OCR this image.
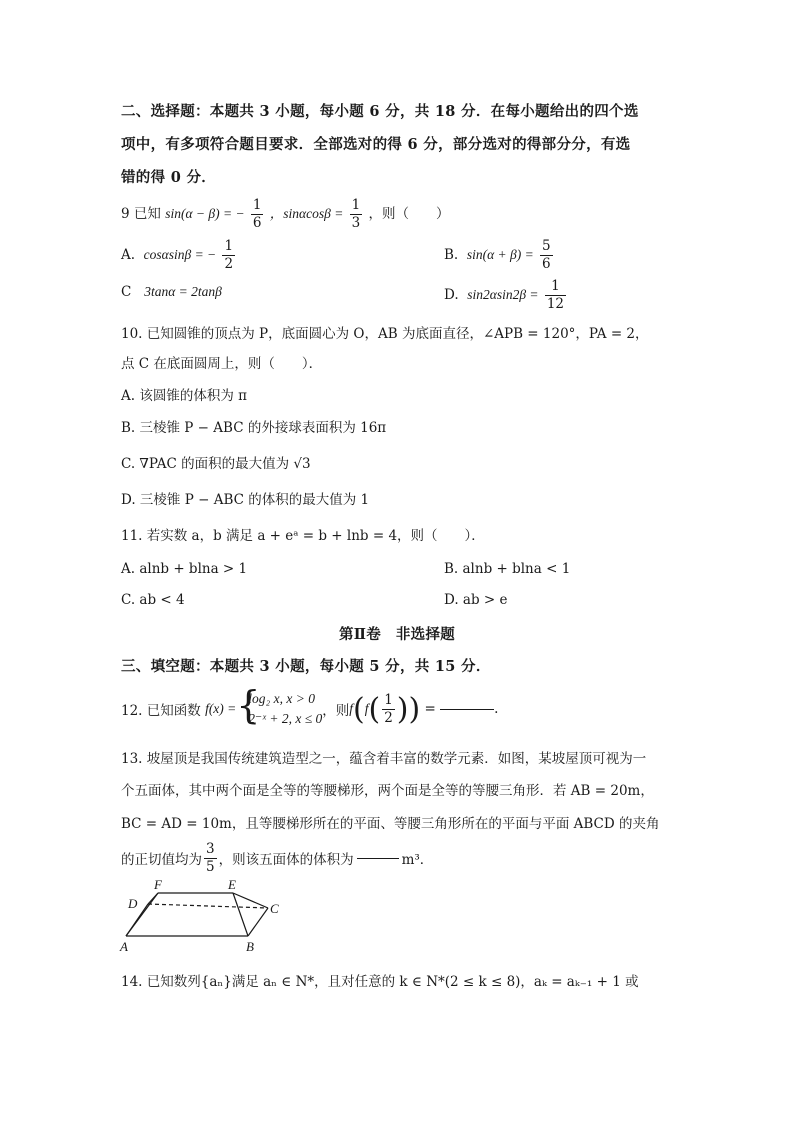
二、选择题：本题共 3 小题，每小题 6 分，共 18 分．在每小题给出的四个选
项中，有多项符合题目要求．全部选对的得 6 分，部分选对的得部分分，有选
错的得 0 分．
9 已知 sin(α − β) = − $\frac{1}{6}$ ，$\sin\alpha\cos\beta = \frac{1}{3}$ ，则（　　）
A. cosαsinβ = − $\frac{1}{2}$	B. $\sin(\alpha + \beta) = \frac{5}{6}$
C 3tanα = 2tanβ	D. $\sin 2\alpha\sin 2\beta = \frac{1}{12}$
10. 已知圆锥的顶点为 P，底面圆心为 O，AB 为底面直径，∠APB = 120°，PA = 2，
点 C 在底面圆周上，则（　　）．
A. 该圆锥的体积为 π
B. 三棱锥 P − ABC 的外接球表面积为 16π
C. ∇PAC 的面积的最大值为 √3
D. 三棱锥 P − ABC 的体积的最大值为 1
11. 若实数 a，b 满足 a + eᵃ = b + lnb = 4，则（　　）．
A. alnb + blna > 1	B. alnb + blna < 1
C. ab < 4	D. ab > e
第Ⅱ卷　非选择题
三、填空题：本题共 3 小题，每小题 5 分，共 15 分．
12. 已知函数
f(x) = {
log₂ x, x > 0
2⁻ˣ + 2, x ≤ 0 ，则 f ( f ( $\frac{1}{2}$ ) )
=
	.
13. 坡屋顶是我国传统建筑造型之一，蕴含着丰富的数学元素．如图，某坡屋顶可视为一
个五面体，其中两个面是全等的等腰梯形，两个面是全等的等腰三角形．若 AB = 20m，
BC = AD = 10m，且等腰梯形所在的平面、等腰三角形所在的平面与平面 ABCD 的夹角
的正切值均为 $\frac{3}{5}$ ，则该五面体的体积为	m³．
F	E
D	C
A	B
14. 已知数列{aₙ}满足 aₙ ∈ N*，且对任意的 k ∈ N*(2 ≤ k ≤ 8)，aₖ = aₖ₋₁ + 1 或
